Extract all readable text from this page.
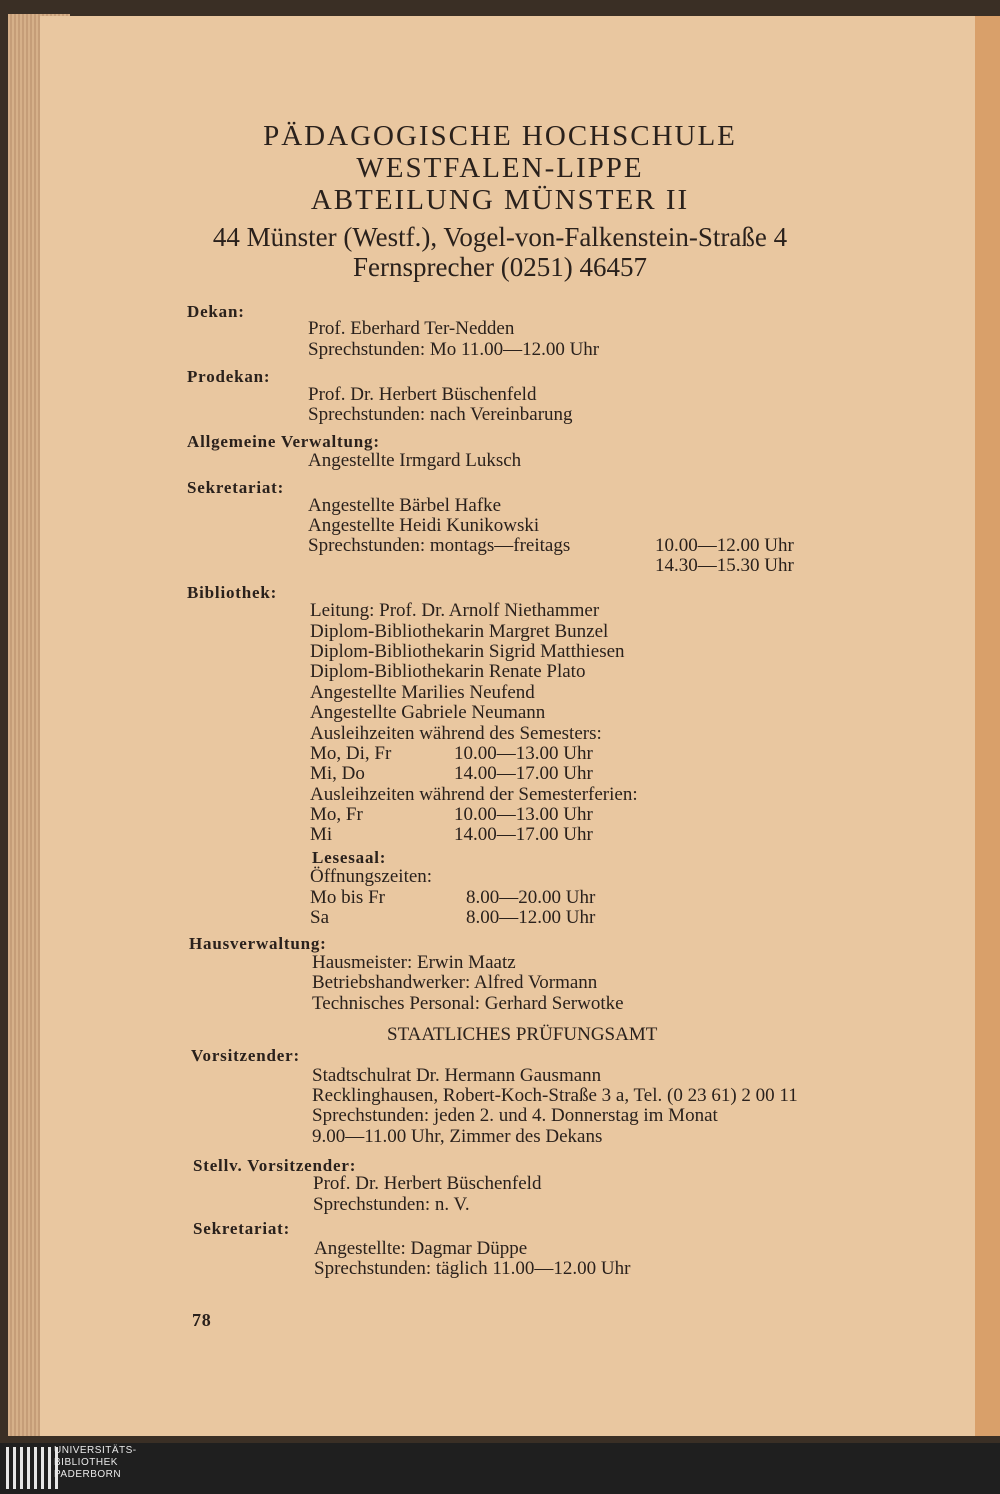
PÄDAGOGISCHE HOCHSCHULE
WESTFALEN-LIPPE
ABTEILUNG MÜNSTER II
44 Münster (Westf.), Vogel-von-Falkenstein-Straße 4
Fernsprecher (0251) 46457
Dekan:
Prof. Eberhard Ter-Nedden
Sprechstunden: Mo 11.00—12.00 Uhr
Prodekan:
Prof. Dr. Herbert Büschenfeld
Sprechstunden: nach Vereinbarung
Allgemeine Verwaltung:
Angestellte Irmgard Luksch
Sekretariat:
Angestellte Bärbel Hafke
Angestellte Heidi Kunikowski
Sprechstunden: montags—freitags	10.00—12.00 Uhr
14.30—15.30 Uhr
Bibliothek:
Leitung: Prof. Dr. Arnolf Niethammer
Diplom-Bibliothekarin Margret Bunzel
Diplom-Bibliothekarin Sigrid Matthiesen
Diplom-Bibliothekarin Renate Plato
Angestellte Marilies Neufend
Angestellte Gabriele Neumann
Ausleihzeiten während des Semesters:
Mo, Di, Fr	10.00—13.00 Uhr
Mi, Do	14.00—17.00 Uhr
Ausleihzeiten während der Semesterferien:
Mo, Fr	10.00—13.00 Uhr
Mi	14.00—17.00 Uhr
Lesesaal:
Öffnungszeiten:
Mo bis Fr	8.00—20.00 Uhr
Sa	8.00—12.00 Uhr
Hausverwaltung:
Hausmeister: Erwin Maatz
Betriebshandwerker: Alfred Vormann
Technisches Personal: Gerhard Serwotke
STAATLICHES PRÜFUNGSAMT
Vorsitzender:
Stadtschulrat Dr. Hermann Gausmann
Recklinghausen, Robert-Koch-Straße 3 a, Tel. (0 23 61) 2 00 11
Sprechstunden: jeden 2. und 4. Donnerstag im Monat
9.00—11.00 Uhr, Zimmer des Dekans
Stellv. Vorsitzender:
Prof. Dr. Herbert Büschenfeld
Sprechstunden: n. V.
Sekretariat:
Angestellte: Dagmar Düppe
Sprechstunden: täglich 11.00—12.00 Uhr
78
UNIVERSITÄTS-
BIBLIOTHEK
PADERBORN
